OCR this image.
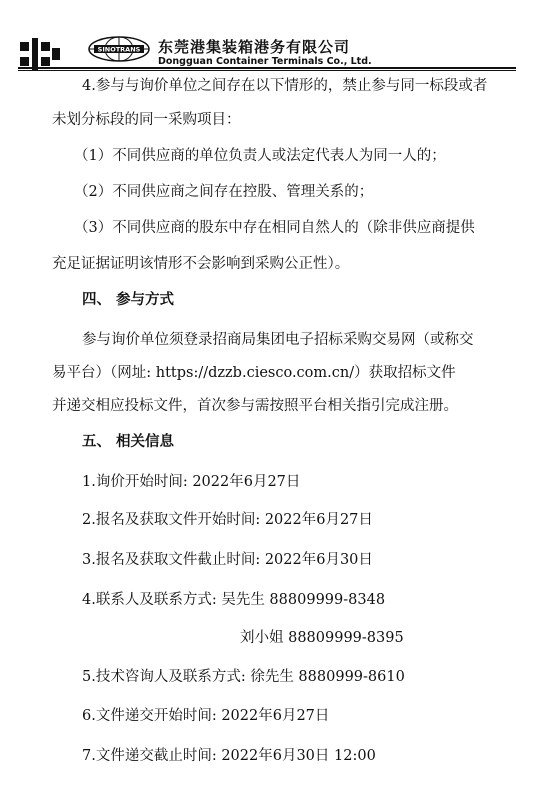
SINOTRANS 东莞港集装箱港务有限公司
Dongguan Container Terminals Co., Ltd.
4.参与与询价单位之间存在以下情形的，禁止参与同一标段或者
未划分标段的同一采购项目：
（1）不同供应商的单位负责人或法定代表人为同一人的；
（2）不同供应商之间存在控股、管理关系的；
（3）不同供应商的股东中存在相同自然人的（除非供应商提供
充足证据证明该情形不会影响到采购公正性）。
四、 参与方式
参与询价单位须登录招商局集团电子招标采购交易网（或称交
易平台）（网址: https://dzzb.ciesco.com.cn/）获取招标文件
并递交相应投标文件，首次参与需按照平台相关指引完成注册。
五、 相关信息
1.询价开始时间: 2022年6月27日
2.报名及获取文件开始时间: 2022年6月27日
3.报名及获取文件截止时间: 2022年6月30日
4.联系人及联系方式: 吴先生 88809999-8348
刘小姐 88809999-8395
5.技术咨询人及联系方式: 徐先生 8880999-8610
6.文件递交开始时间: 2022年6月27日
7.文件递交截止时间: 2022年6月30日 12:00
